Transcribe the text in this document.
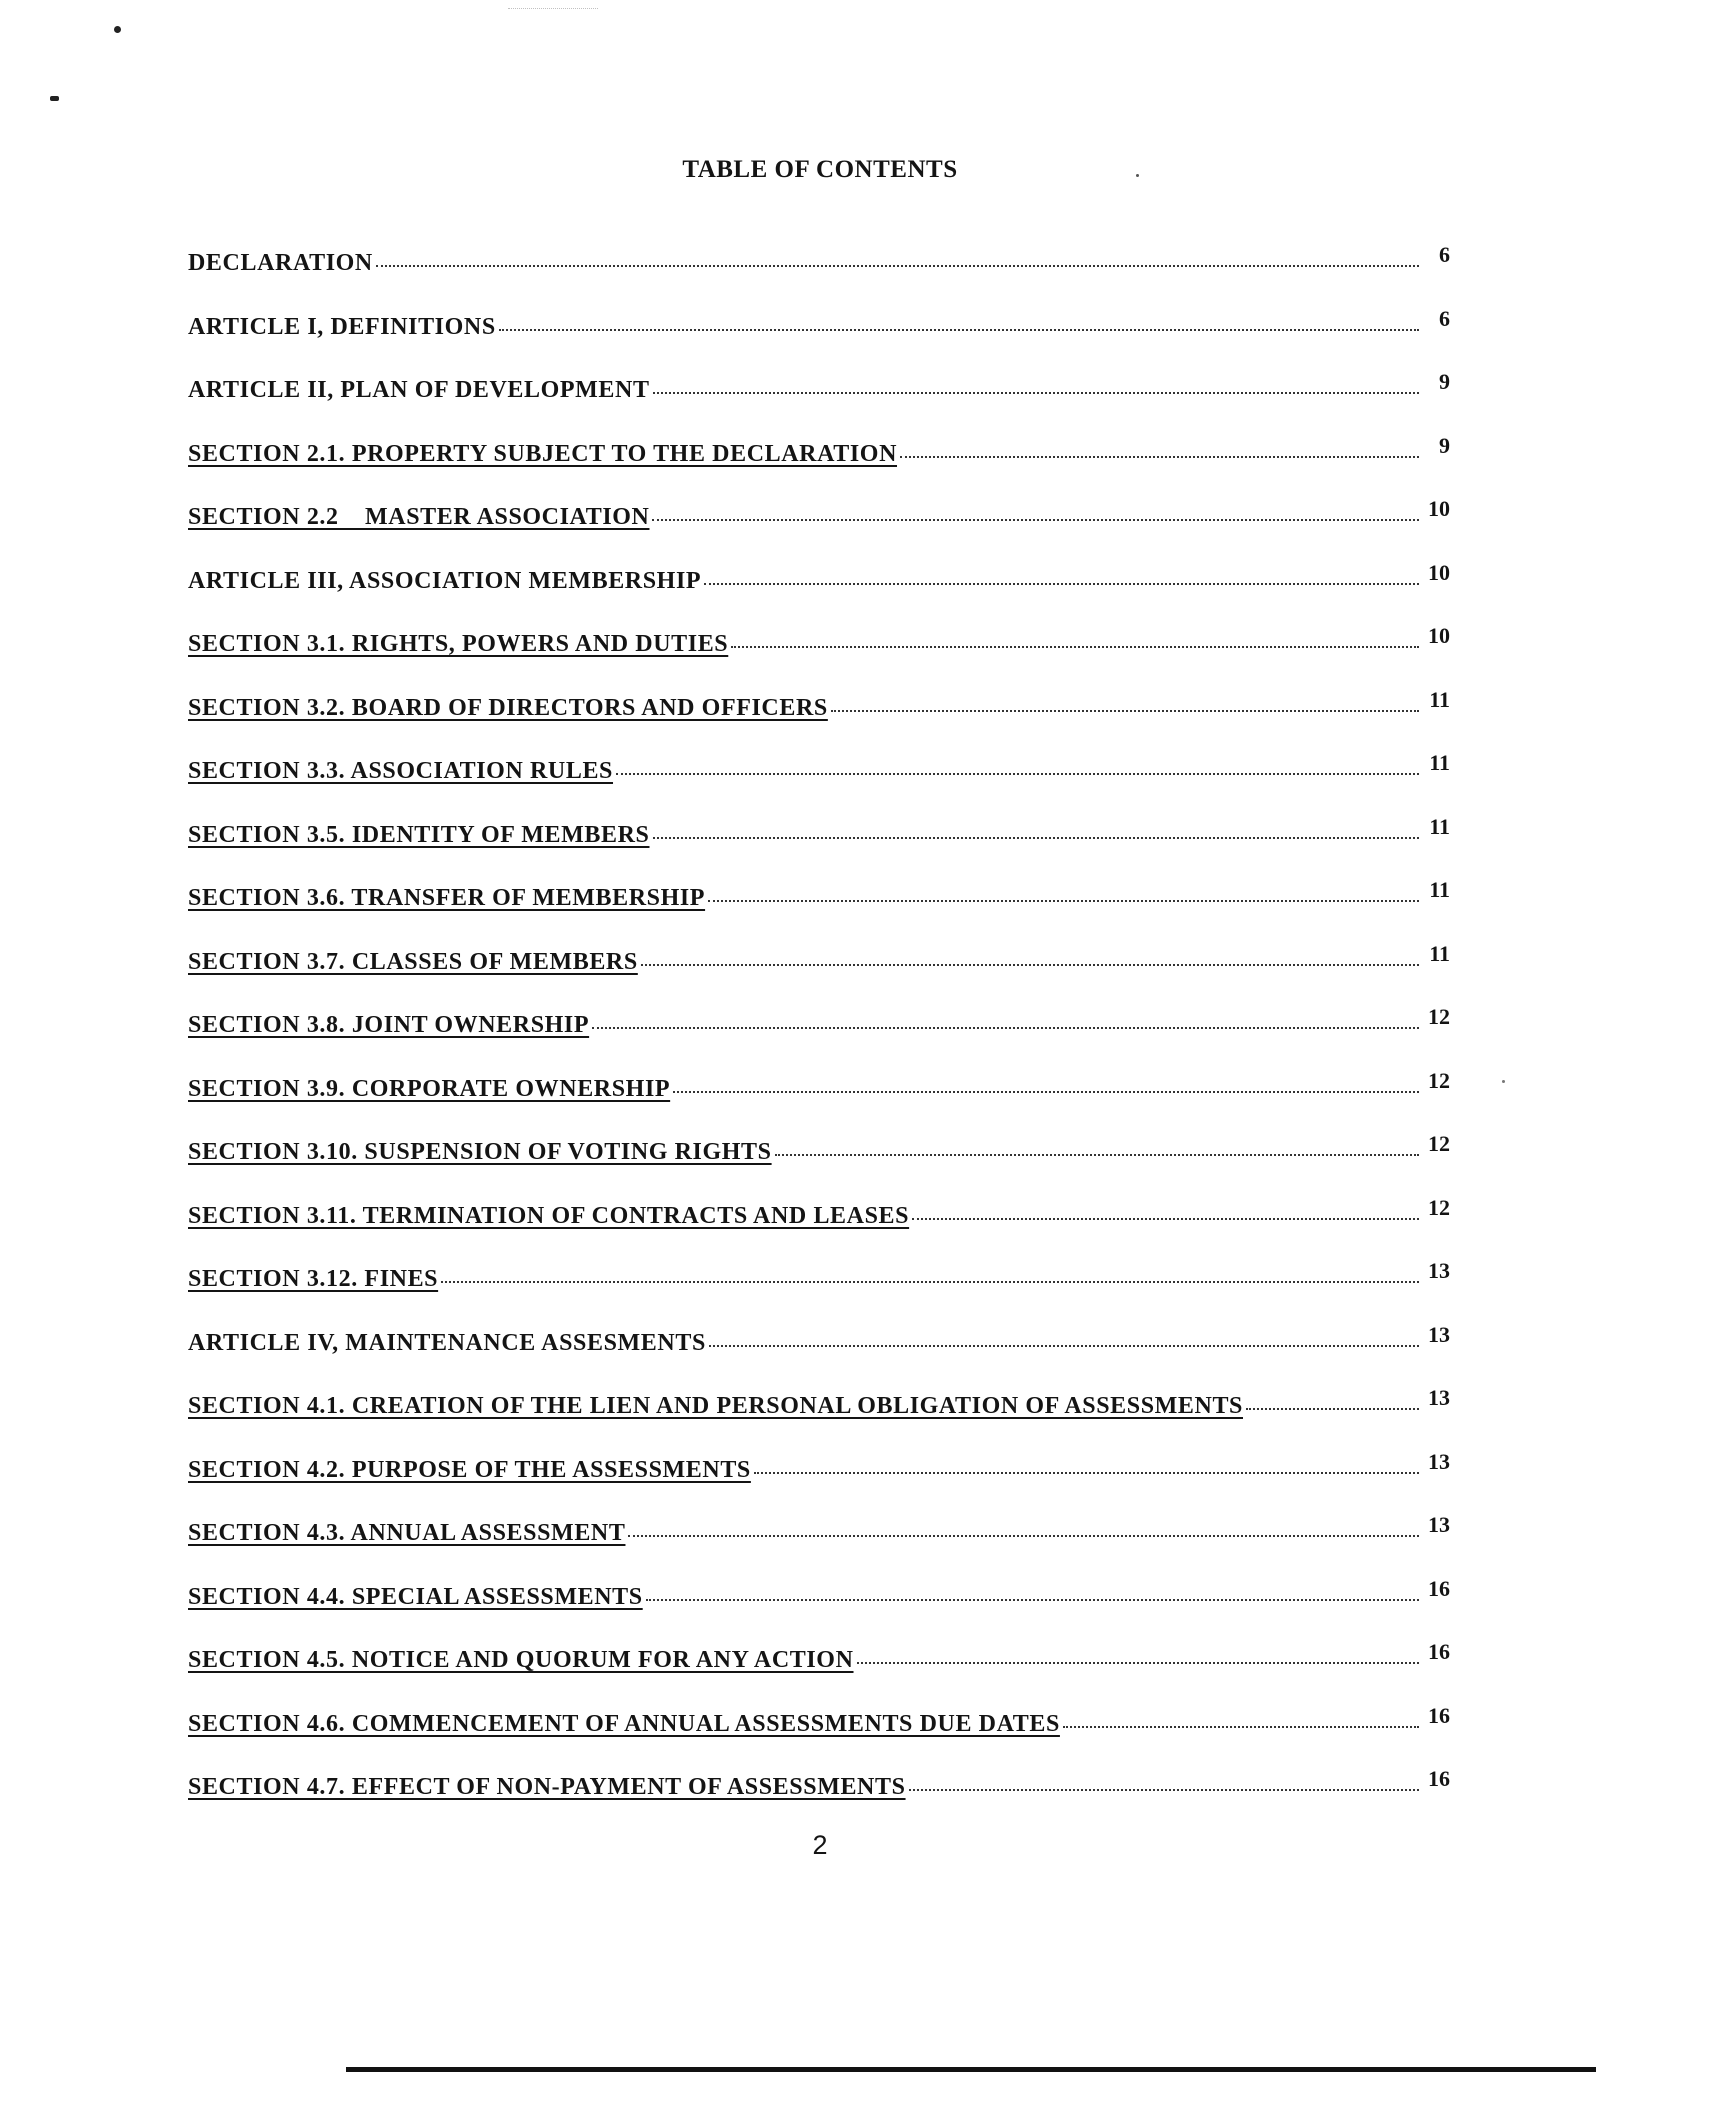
TABLE OF CONTENTS
DECLARATION	6
ARTICLE I, DEFINITIONS	6
ARTICLE II, PLAN OF DEVELOPMENT	9
SECTION 2.1. PROPERTY SUBJECT TO THE DECLARATION	9
SECTION 2.2    MASTER ASSOCIATION	10
ARTICLE III, ASSOCIATION MEMBERSHIP	10
SECTION 3.1. RIGHTS, POWERS AND DUTIES	10
SECTION 3.2. BOARD OF DIRECTORS AND OFFICERS	11
SECTION 3.3. ASSOCIATION RULES	11
SECTION 3.5. IDENTITY OF MEMBERS	11
SECTION 3.6. TRANSFER OF MEMBERSHIP	11
SECTION 3.7. CLASSES OF MEMBERS	11
SECTION 3.8. JOINT OWNERSHIP	12
SECTION 3.9. CORPORATE OWNERSHIP	12
SECTION 3.10. SUSPENSION OF VOTING RIGHTS	12
SECTION 3.11. TERMINATION OF CONTRACTS AND LEASES	12
SECTION 3.12. FINES	13
ARTICLE IV, MAINTENANCE ASSESMENTS	13
SECTION 4.1. CREATION OF THE LIEN AND PERSONAL OBLIGATION OF ASSESSMENTS	13
SECTION 4.2. PURPOSE OF THE ASSESSMENTS	13
SECTION 4.3. ANNUAL ASSESSMENT	13
SECTION 4.4. SPECIAL ASSESSMENTS	16
SECTION 4.5. NOTICE AND QUORUM FOR ANY ACTION	16
SECTION 4.6. COMMENCEMENT OF ANNUAL ASSESSMENTS DUE DATES	16
SECTION 4.7. EFFECT OF NON-PAYMENT OF ASSESSMENTS	16
2
